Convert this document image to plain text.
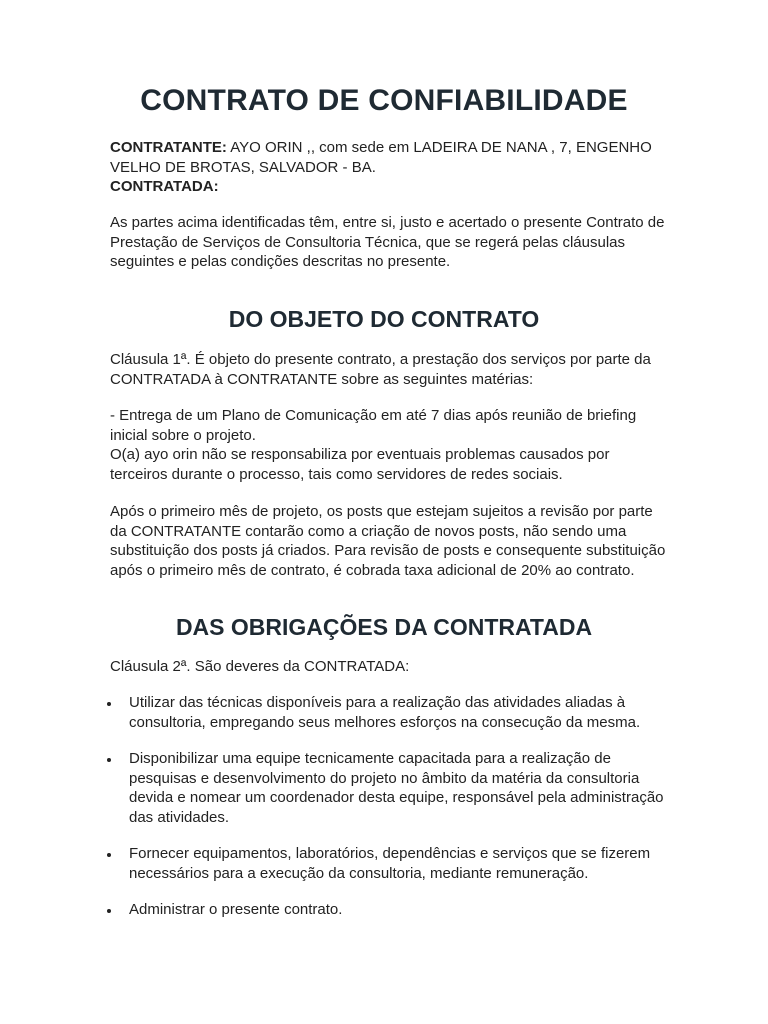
CONTRATO DE CONFIABILIDADE
CONTRATANTE: AYO ORIN ,, com sede em LADEIRA DE NANA , 7, ENGENHO VELHO DE BROTAS, SALVADOR - BA.
CONTRATADA:
As partes acima identificadas têm, entre si, justo e acertado o presente Contrato de Prestação de Serviços de Consultoria Técnica, que se regerá pelas cláusulas seguintes e pelas condições descritas no presente.
DO OBJETO DO CONTRATO
Cláusula 1ª. É objeto do presente contrato, a prestação dos serviços por parte da CONTRATADA à CONTRATANTE sobre as seguintes matérias:
- Entrega de um Plano de Comunicação em até 7 dias após reunião de briefing inicial sobre o projeto.
O(a) ayo orin não se responsabiliza por eventuais problemas causados por terceiros durante o processo, tais como servidores de redes sociais.
Após o primeiro mês de projeto, os posts que estejam sujeitos a revisão por parte da CONTRATANTE contarão como a criação de novos posts, não sendo uma substituição dos posts já criados. Para revisão de posts e consequente substituição após o primeiro mês de contrato, é cobrada taxa adicional de 20% ao contrato.
DAS OBRIGAÇÕES DA CONTRATADA
Cláusula 2ª. São deveres da CONTRATADA:
Utilizar das técnicas disponíveis para a realização das atividades aliadas à consultoria, empregando seus melhores esforços na consecução da mesma.
Disponibilizar uma equipe tecnicamente capacitada para a realização de pesquisas e desenvolvimento do projeto no âmbito da matéria da consultoria devida e nomear um coordenador desta equipe, responsável pela administração das atividades.
Fornecer equipamentos, laboratórios, dependências e serviços que se fizerem necessários para a execução da consultoria, mediante remuneração.
Administrar o presente contrato.
